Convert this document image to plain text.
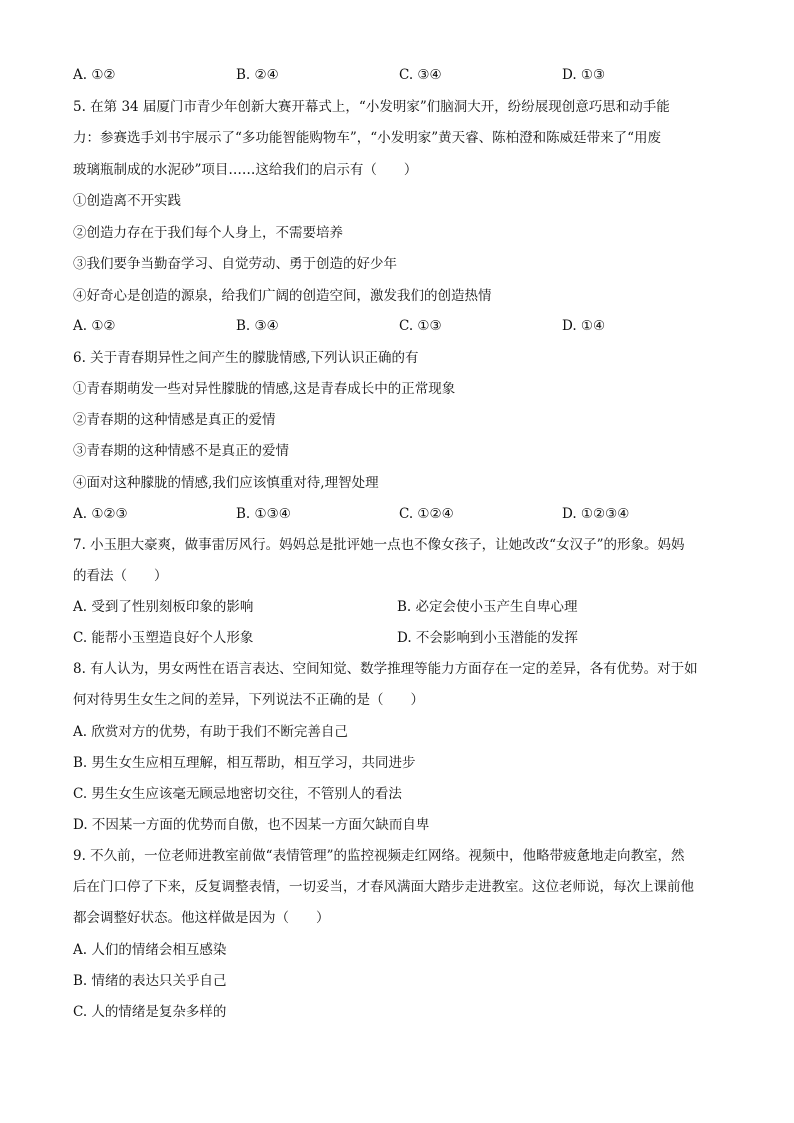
A. ①②	B. ②④	C. ③④	D. ①③
5. 在第 34 届厦门市青少年创新大赛开幕式上，“小发明家”们脑洞大开，纷纷展现创意巧思和动手能
力：参赛选手刘书宇展示了“多功能智能购物车”，“小发明家”黄天睿、陈柏澄和陈威廷带来了“用废
玻璃瓶制成的水泥砂”项目……这给我们的启示有（　　）
①创造离不开实践
②创造力存在于我们每个人身上，不需要培养
③我们要争当勤奋学习、自觉劳动、勇于创造的好少年
④好奇心是创造的源泉，给我们广阔的创造空间，激发我们的创造热情
A. ①②	B. ③④	C. ①③	D. ①④
6. 关于青春期异性之间产生的朦胧情感,下列认识正确的有
①青春期萌发一些对异性朦胧的情感,这是青春成长中的正常现象
②青春期的这种情感是真正的爱情
③青春期的这种情感不是真正的爱情
④面对这种朦胧的情感,我们应该慎重对待,理智处理
A. ①②③	B. ①③④	C. ①②④	D. ①②③④
7. 小玉胆大豪爽，做事雷厉风行。妈妈总是批评她一点也不像女孩子，让她改改“女汉子”的形象。妈妈
的看法（　　）
A. 受到了性别刻板印象的影响	B. 必定会使小玉产生自卑心理
C. 能帮小玉塑造良好个人形象	D. 不会影响到小玉潜能的发挥
8. 有人认为，男女两性在语言表达、空间知觉、数学推理等能力方面存在一定的差异，各有优势。对于如
何对待男生女生之间的差异，下列说法不正确的是（　　）
A. 欣赏对方的优势，有助于我们不断完善自己
B. 男生女生应相互理解，相互帮助，相互学习，共同进步
C. 男生女生应该毫无顾忌地密切交往，不管别人的看法
D. 不因某一方面的优势而自傲，也不因某一方面欠缺而自卑
9. 不久前，一位老师进教室前做“表情管理”的监控视频走红网络。视频中，他略带疲惫地走向教室，然
后在门口停了下来，反复调整表情，一切妥当，才春风满面大踏步走进教室。这位老师说，每次上课前他
都会调整好状态。他这样做是因为（　　）
A. 人们的情绪会相互感染
B. 情绪的表达只关乎自己
C. 人的情绪是复杂多样的
